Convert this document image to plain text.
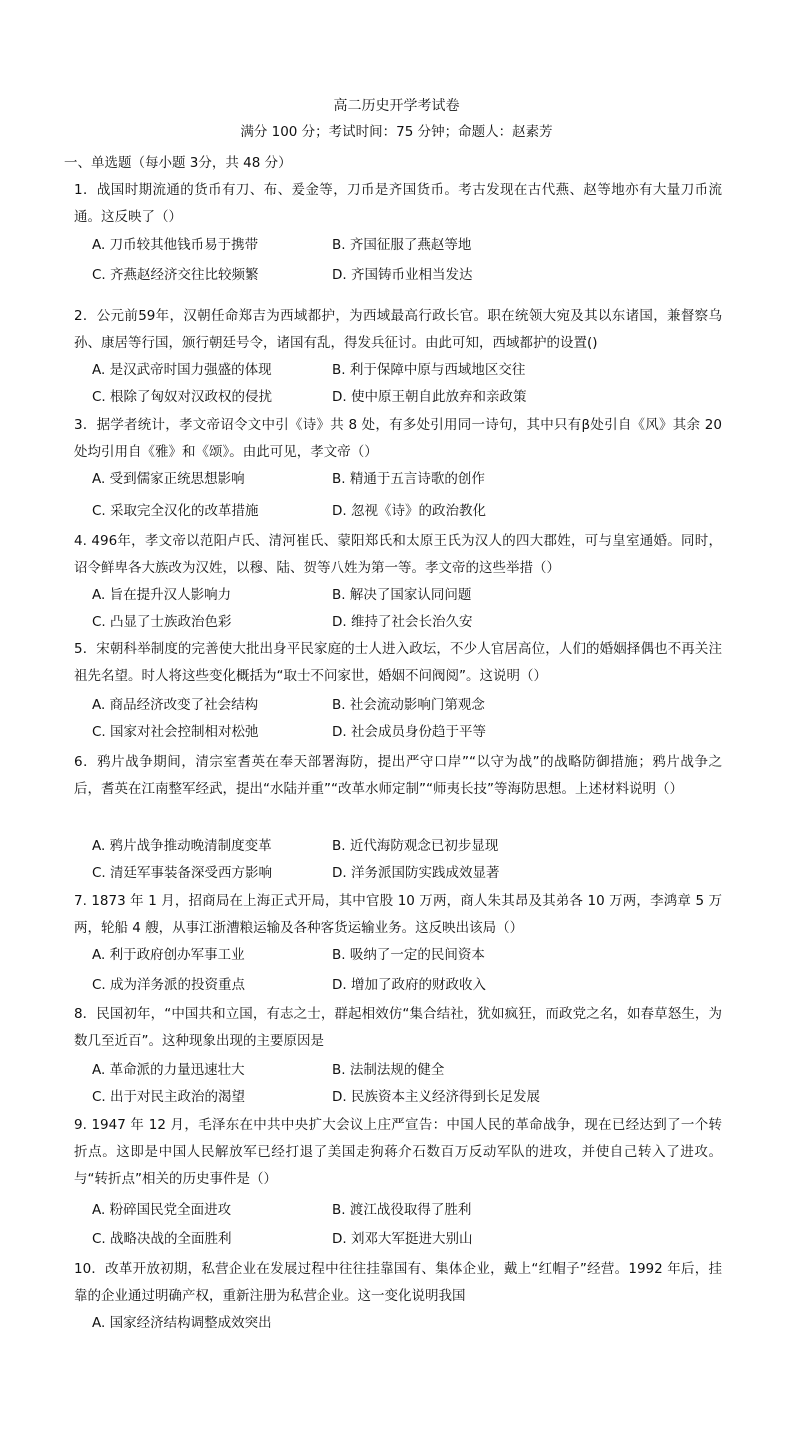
高二历史开学考试卷
满分 100 分；考试时间：75 分钟；命题人：赵素芳
一、单选题（每小题 3分，共 48 分）
1．战国时期流通的货币有刀、布、爰金等，刀币是齐国货币。考古发现在古代燕、赵等地亦有大量刀币流通。这反映了（）
A. 刀币较其他钱币易于携带	B. 齐国征服了燕赵等地
C. 齐燕赵经济交往比较频繁	D. 齐国铸币业相当发达
2．公元前59年，汉朝任命郑吉为西域都护，为西域最高行政长官。职在统领大宛及其以东诸国，兼督察乌孙、康居等行国，颁行朝廷号令，诸国有乱，得发兵征讨。由此可知，西域都护的设置()
A. 是汉武帝时国力强盛的体现	B. 利于保障中原与西域地区交往
C. 根除了匈奴对汉政权的侵扰	D. 使中原王朝自此放弃和亲政策
3．据学者统计，孝文帝诏令文中引《诗》共 8 处，有多处引用同一诗句，其中只有β处引自《风》其余 20 处均引用自《雅》和《颂》。由此可见，孝文帝（）
A. 受到儒家正统思想影响	B. 精通于五言诗歌的创作
C. 采取完全汉化的改革措施	D. 忽视《诗》的政治教化
4. 496年，孝文帝以范阳卢氏、清河崔氏、蒙阳郑氏和太原王氏为汉人的四大郡姓，可与皇室通婚。同时，诏令鲜卑各大族改为汉姓，以穆、陆、贺等八姓为第一等。孝文帝的这些举措（）
A. 旨在提升汉人影响力	B. 解决了国家认同问题
C. 凸显了士族政治色彩	D. 维持了社会长治久安
5．宋朝科举制度的完善使大批出身平民家庭的士人进入政坛，不少人官居高位，人们的婚姻择偶也不再关注祖先名望。时人将这些变化概括为“取士不问家世，婚姻不问阀阅”。这说明（）
A. 商品经济改变了社会结构	B. 社会流动影响门第观念
C. 国家对社会控制相对松弛	D. 社会成员身份趋于平等
6．鸦片战争期间，清宗室耆英在奉天部署海防，提出严守口岸”“以守为战”的战略防御措施；鸦片战争之后，耆英在江南整军经武，提出“水陆并重”“改革水师定制”“师夷长技”等海防思想。上述材料说明（）
A. 鸦片战争推动晚清制度变革	B. 近代海防观念已初步显现
C. 清廷军事装备深受西方影响	D. 洋务派国防实践成效显著
7. 1873 年 1 月，招商局在上海正式开局，其中官股 10 万两，商人朱其昂及其弟各 10 万两，李鸿章 5 万两，轮船 4 艘，从事江浙漕粮运输及各种客货运输业务。这反映出该局（）
A. 利于政府创办军事工业	B. 吸纳了一定的民间资本
C. 成为洋务派的投资重点	D. 增加了政府的财政收入
8．民国初年，“中国共和立国，有志之士，群起相效仿“集合结社，犹如疯狂，而政党之名，如春草怒生，为数几至近百”。这种现象出现的主要原因是
A. 革命派的力量迅速壮大	B. 法制法规的健全
C. 出于对民主政治的渴望	D. 民族资本主义经济得到长足发展
9. 1947 年 12 月，毛泽东在中共中央扩大会议上庄严宣告：中国人民的革命战争，现在已经达到了一个转折点。这即是中国人民解放军已经打退了美国走狗蒋介石数百万反动军队的进攻，并使自己转入了进攻。与“转折点”相关的历史事件是（）
A. 粉碎国民党全面进攻	B. 渡江战役取得了胜利
C. 战略决战的全面胜利	D. 刘邓大军挺进大别山
10．改革开放初期，私营企业在发展过程中往往挂靠国有、集体企业，戴上“红帽子”经营。1992 年后，挂靠的企业通过明确产权，重新注册为私营企业。这一变化说明我国
A. 国家经济结构调整成效突出
